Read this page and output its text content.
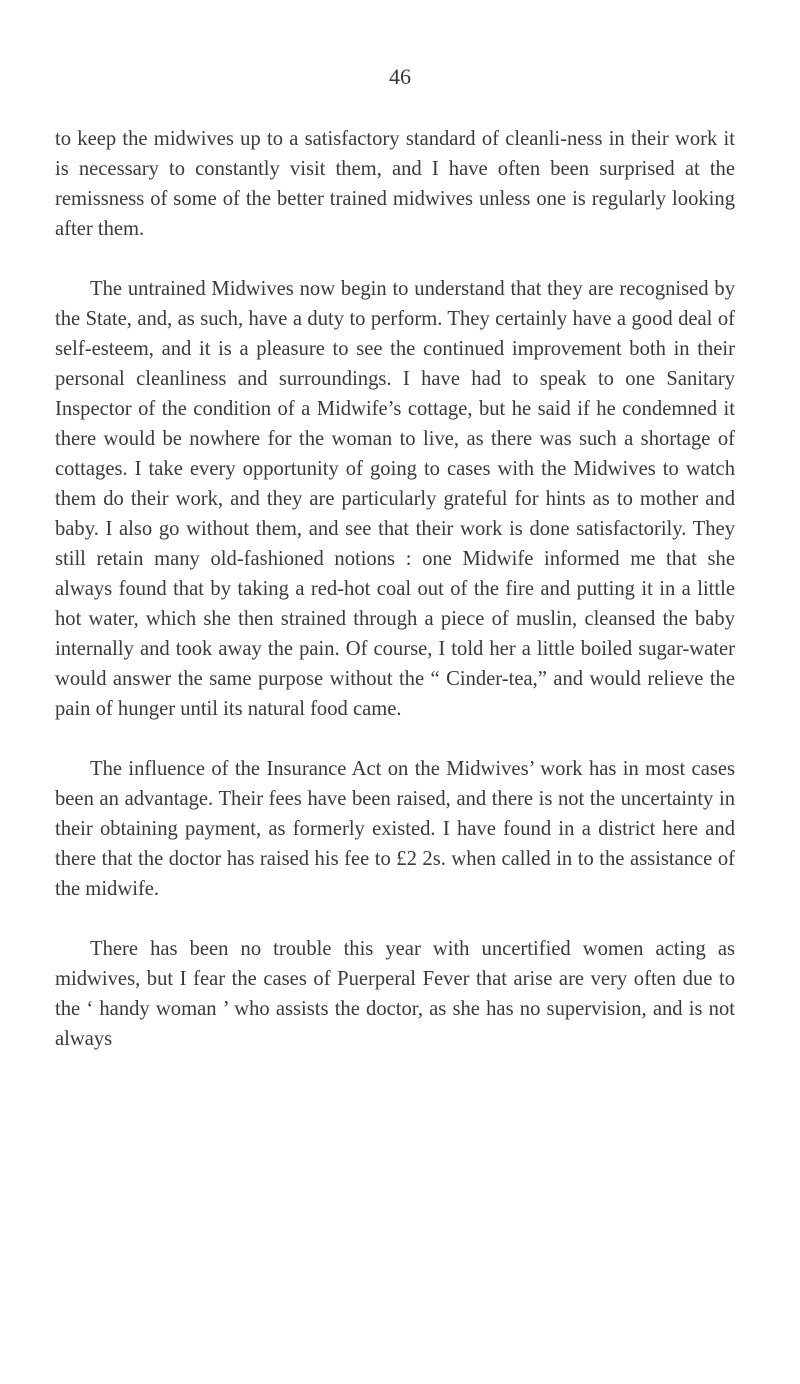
46

to keep the midwives up to a satisfactory standard of cleanli-ness in their work it is necessary to constantly visit them, and I have often been surprised at the remissness of some of the better trained midwives unless one is regularly looking after them.

The untrained Midwives now begin to understand that they are recognised by the State, and, as such, have a duty to perform. They certainly have a good deal of self-esteem, and it is a pleasure to see the continued improvement both in their personal cleanliness and surroundings. I have had to speak to one Sanitary Inspector of the condition of a Midwife’s cottage, but he said if he condemned it there would be nowhere for the woman to live, as there was such a shortage of cottages. I take every opportunity of going to cases with the Midwives to watch them do their work, and they are particularly grateful for hints as to mother and baby. I also go without them, and see that their work is done satisfactorily. They still retain many old-fashioned notions : one Midwife informed me that she always found that by taking a red-hot coal out of the fire and putting it in a little hot water, which she then strained through a piece of muslin, cleansed the baby internally and took away the pain. Of course, I told her a little boiled sugar-water would answer the same purpose without the “ Cinder-tea,” and would relieve the pain of hunger until its natural food came.

The influence of the Insurance Act on the Midwives’ work has in most cases been an advantage. Their fees have been raised, and there is not the uncertainty in their obtaining payment, as formerly existed. I have found in a district here and there that the doctor has raised his fee to £2 2s. when called in to the assistance of the midwife.

There has been no trouble this year with uncertified women acting as midwives, but I fear the cases of Puerperal Fever that arise are very often due to the ‘ handy woman ’ who assists the doctor, as she has no supervision, and is not always
